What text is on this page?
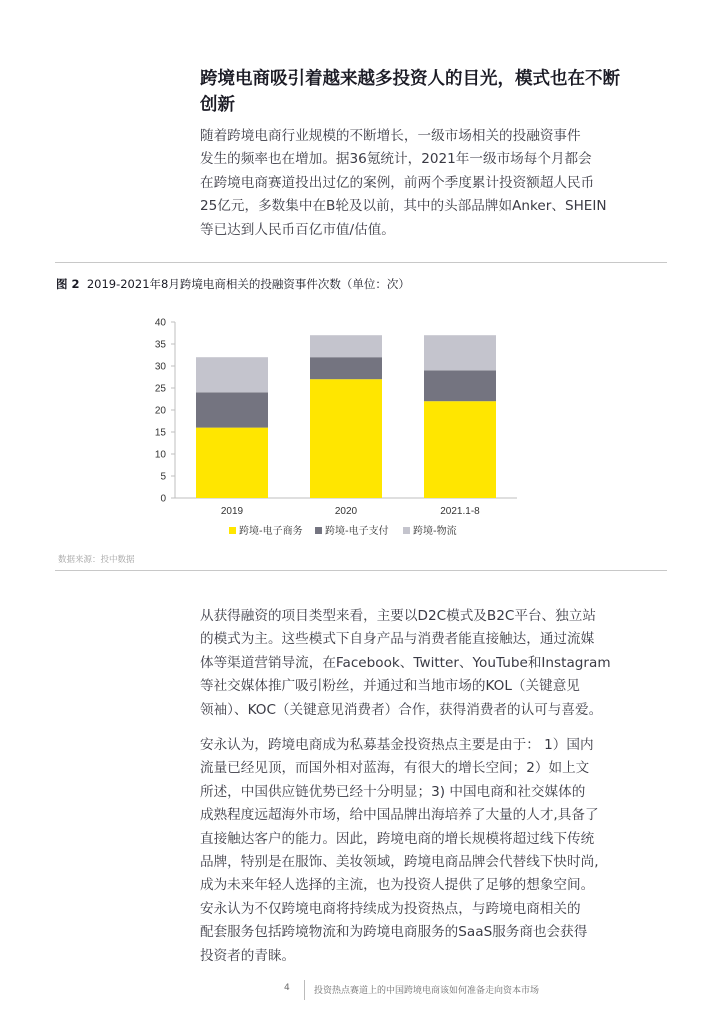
跨境电商吸引着越来越多投资人的目光，模式也在不断
创新
随着跨境电商行业规模的不断增长，一级市场相关的投融资事件
发生的频率也在增加。据36氪统计，2021年一级市场每个月都会
在跨境电商赛道投出过亿的案例，前两个季度累计投资额超人民币
25亿元，多数集中在B轮及以前，其中的头部品牌如Anker、SHEIN
等已达到人民币百亿市值/估值。
图 2 2019-2021年8月跨境电商相关的投融资事件次数（单位：次）
0
5
10
15
20
25
30
35
40
2019	2020	2021.1-8
跨境-电子商务 跨境-电子支付 跨境-物流
数据来源：投中数据
从获得融资的项目类型来看，主要以D2C模式及B2C平台、独立站
的模式为主。这些模式下自身产品与消费者能直接触达，通过流媒
体等渠道营销导流，在Facebook、Twitter、YouTube和Instagram
等社交媒体推广吸引粉丝，并通过和当地市场的KOL（关键意见
领袖）、KOC（关键意见消费者）合作，获得消费者的认可与喜爱。
安永认为，跨境电商成为私募基金投资热点主要是由于： 1）国内
流量已经见顶，而国外相对蓝海，有很大的增长空间；2）如上文
所述，中国供应链优势已经十分明显；3) 中国电商和社交媒体的
成熟程度远超海外市场，给中国品牌出海培养了大量的人才,具备了
直接触达客户的能力。因此，跨境电商的增长规模将超过线下传统
品牌，特别是在服饰、美妆领域，跨境电商品牌会代替线下快时尚,
成为未来年轻人选择的主流，也为投资人提供了足够的想象空间。
安永认为不仅跨境电商将持续成为投资热点，与跨境电商相关的
配套服务包括跨境物流和为跨境电商服务的SaaS服务商也会获得
投资者的青睐。
4	投资热点赛道上的中国跨境电商该如何准备走向资本市场
